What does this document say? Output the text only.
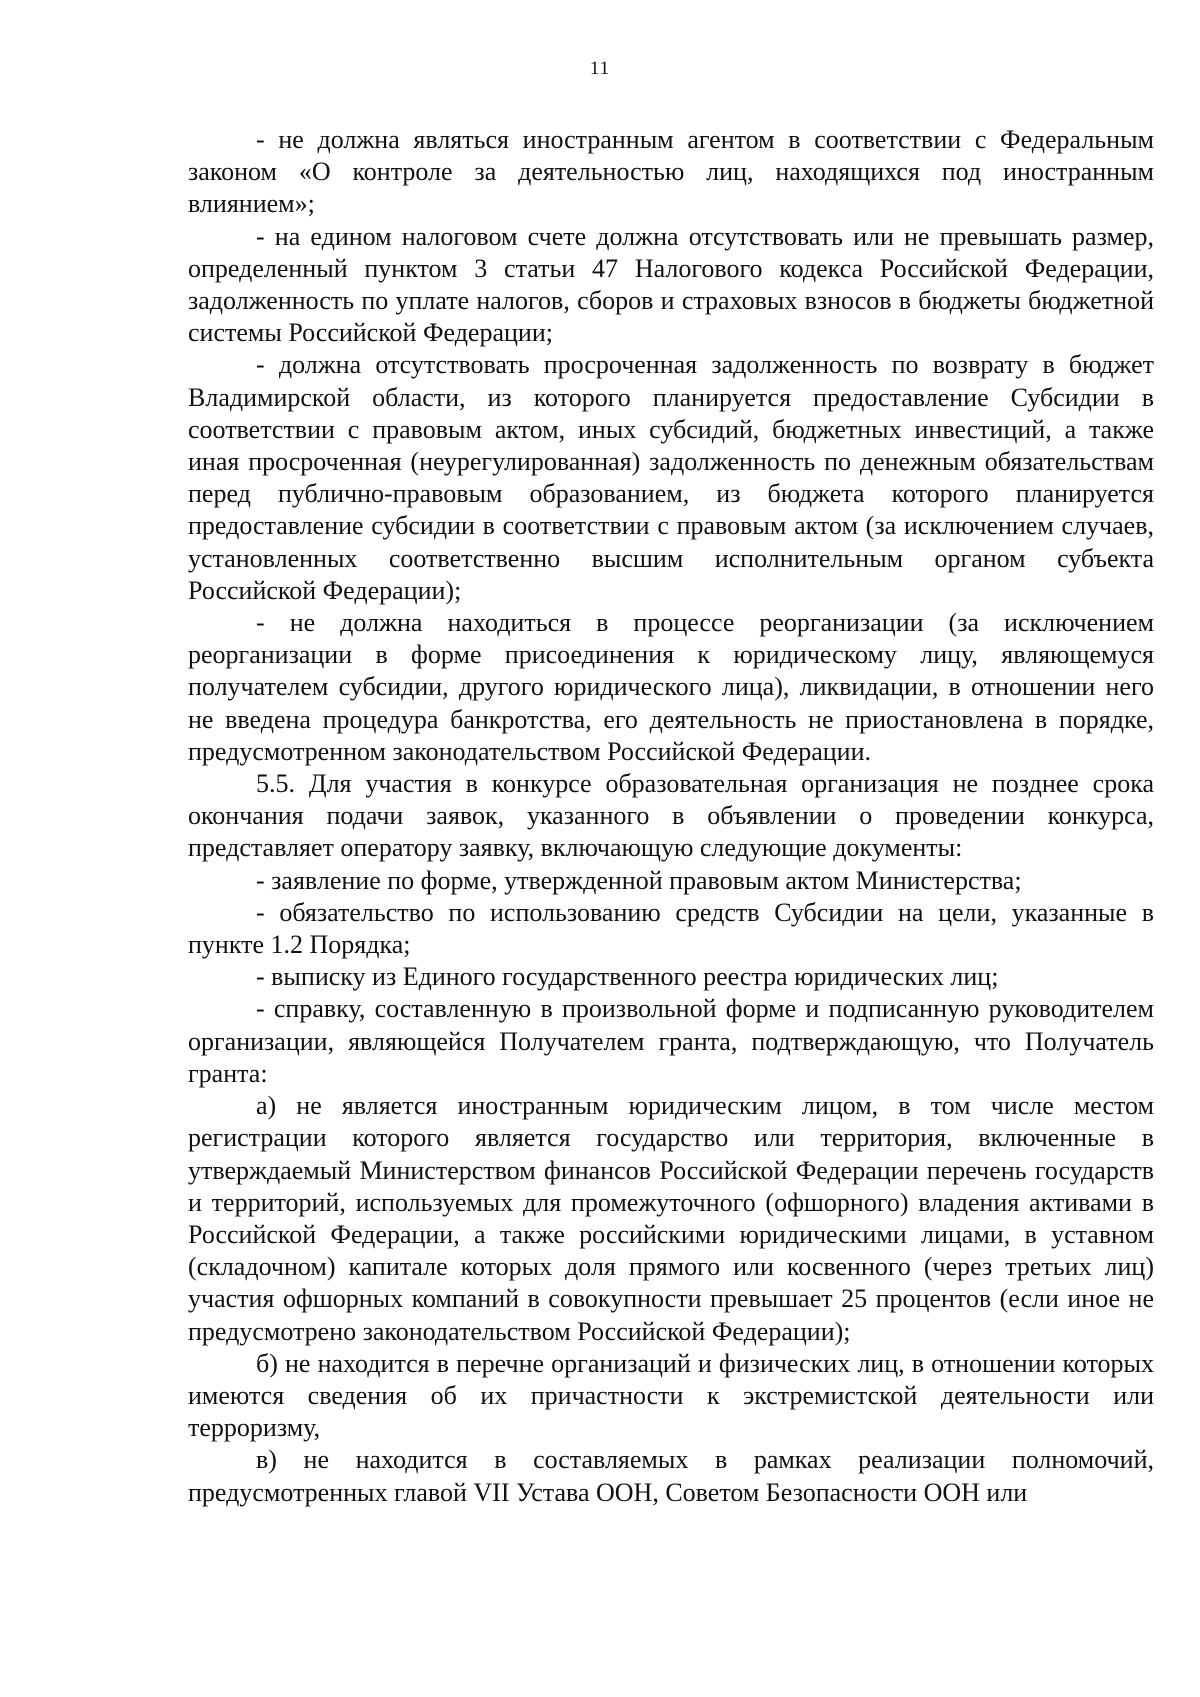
11

- не должна являться иностранным агентом в соответствии с Федеральным законом «О контроле за деятельностью лиц, находящихся под иностранным влиянием»;

- на едином налоговом счете должна отсутствовать или не превышать размер, определенный пунктом 3 статьи 47 Налогового кодекса Российской Федерации, задолженность по уплате налогов, сборов и страховых взносов в бюджеты бюджетной системы Российской Федерации;

- должна отсутствовать просроченная задолженность по возврату в бюджет Владимирской области, из которого планируется предоставление Субсидии в соответствии с правовым актом, иных субсидий, бюджетных инвестиций, а также иная просроченная (неурегулированная) задолженность по денежным обязательствам перед публично-правовым образованием, из бюджета которого планируется предоставление субсидии в соответствии с правовым актом (за исключением случаев, установленных соответственно высшим исполнительным органом субъекта Российской Федерации);

- не должна находиться в процессе реорганизации (за исключением реорганизации в форме присоединения к юридическому лицу, являющемуся получателем субсидии, другого юридического лица), ликвидации, в отношении него не введена процедура банкротства, его деятельность не приостановлена в порядке, предусмотренном законодательством Российской Федерации.

5.5. Для участия в конкурсе образовательная организация не позднее срока окончания подачи заявок, указанного в объявлении о проведении конкурса, представляет оператору заявку, включающую следующие документы:

- заявление по форме, утвержденной правовым актом Министерства;

- обязательство по использованию средств Субсидии на цели, указанные в пункте 1.2 Порядка;

- выписку из Единого государственного реестра юридических лиц;

- справку, составленную в произвольной форме и подписанную руководителем организации, являющейся Получателем гранта, подтверждающую, что Получатель гранта:

а) не является иностранным юридическим лицом, в том числе местом регистрации которого является государство или территория, включенные в утверждаемый Министерством финансов Российской Федерации перечень государств и территорий, используемых для промежуточного (офшорного) владения активами в Российской Федерации, а также российскими юридическими лицами, в уставном (складочном) капитале которых доля прямого или косвенного (через третьих лиц) участия офшорных компаний в совокупности превышает 25 процентов (если иное не предусмотрено законодательством Российской Федерации);

б) не находится в перечне организаций и физических лиц, в отношении которых имеются сведения об их причастности к экстремистской деятельности или терроризму,

в) не находится в составляемых в рамках реализации полномочий, предусмотренных главой VII Устава ООН, Советом Безопасности ООН или
